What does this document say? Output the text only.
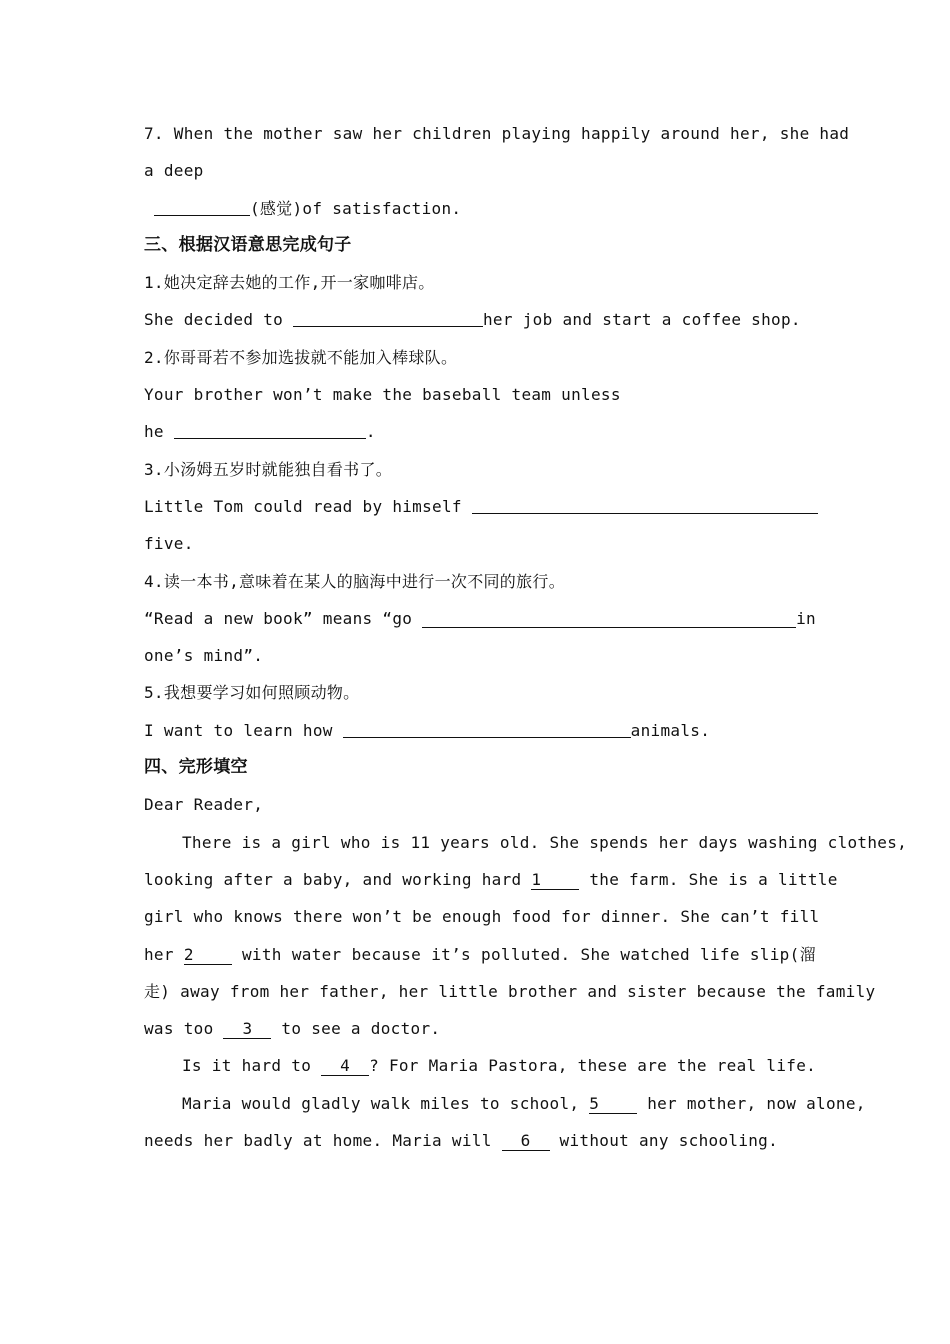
7. When the mother saw her children playing happily around her, she had
a deep
(感觉)of satisfaction.
三、根据汉语意思完成句子
1.她决定辞去她的工作,开一家咖啡店。
She decided to	her job and start a coffee shop.
2.你哥哥若不参加选拔就不能加入棒球队。
Your brother won’t make the baseball team unless
he	.
3.小汤姆五岁时就能独自看书了。
Little Tom could read by himself
five.
4.读一本书,意味着在某人的脑海中进行一次不同的旅行。
“Read a new book” means “go
	in
one’s mind”.
5.我想要学习如何照顾动物。
I want to learn how	animals.
四、完形填空
Dear Reader,
There is a girl who is 11 years old. She spends her days washing clothes,
looking after a baby, and working hard 1	the farm. She is a little
girl who knows there won’t be enough food for dinner. She can’t fill
her 2	with water because it’s polluted. She watched life slip(溜
走) away from her father, her little brother and sister because the family
was too 3 to see a doctor.
Is it hard to 4 ? For Maria Pastora, these are the real life.
Maria would gladly walk miles to school, 5	her mother, now alone,
needs her badly at home. Maria will 6 without any schooling.
